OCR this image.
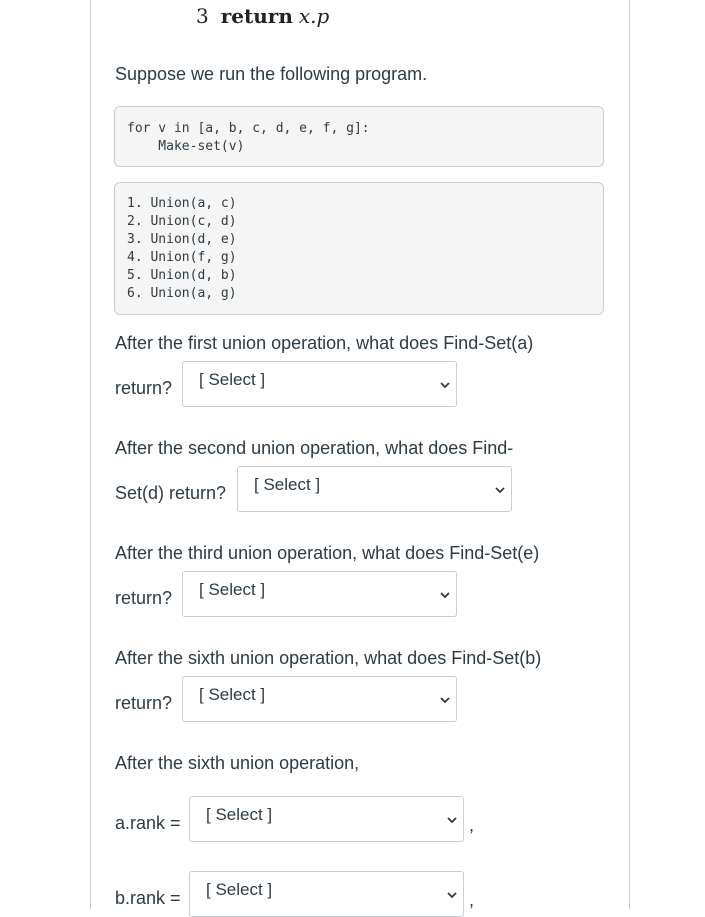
3 return x.p
Suppose we run the following program.
for v in [a, b, c, d, e, f, g]:
Make-set(v)
1. Union(a, c)
2. Union(c, d)
3. Union(d, e)
4. Union(f, g)
5. Union(d, b)
6. Union(a, g)
After the first union operation, what does Find-Set(a)
return? [ Select ]
After the second union operation, what does Find-
Set(d) return? [ Select ]
After the third union operation, what does Find-Set(e)
return? [ Select ]
After the sixth union operation, what does Find-Set(b)
return? [ Select ]
After the sixth union operation,
a.rank = [ Select ]
,
b.rank = [ Select ]
,
